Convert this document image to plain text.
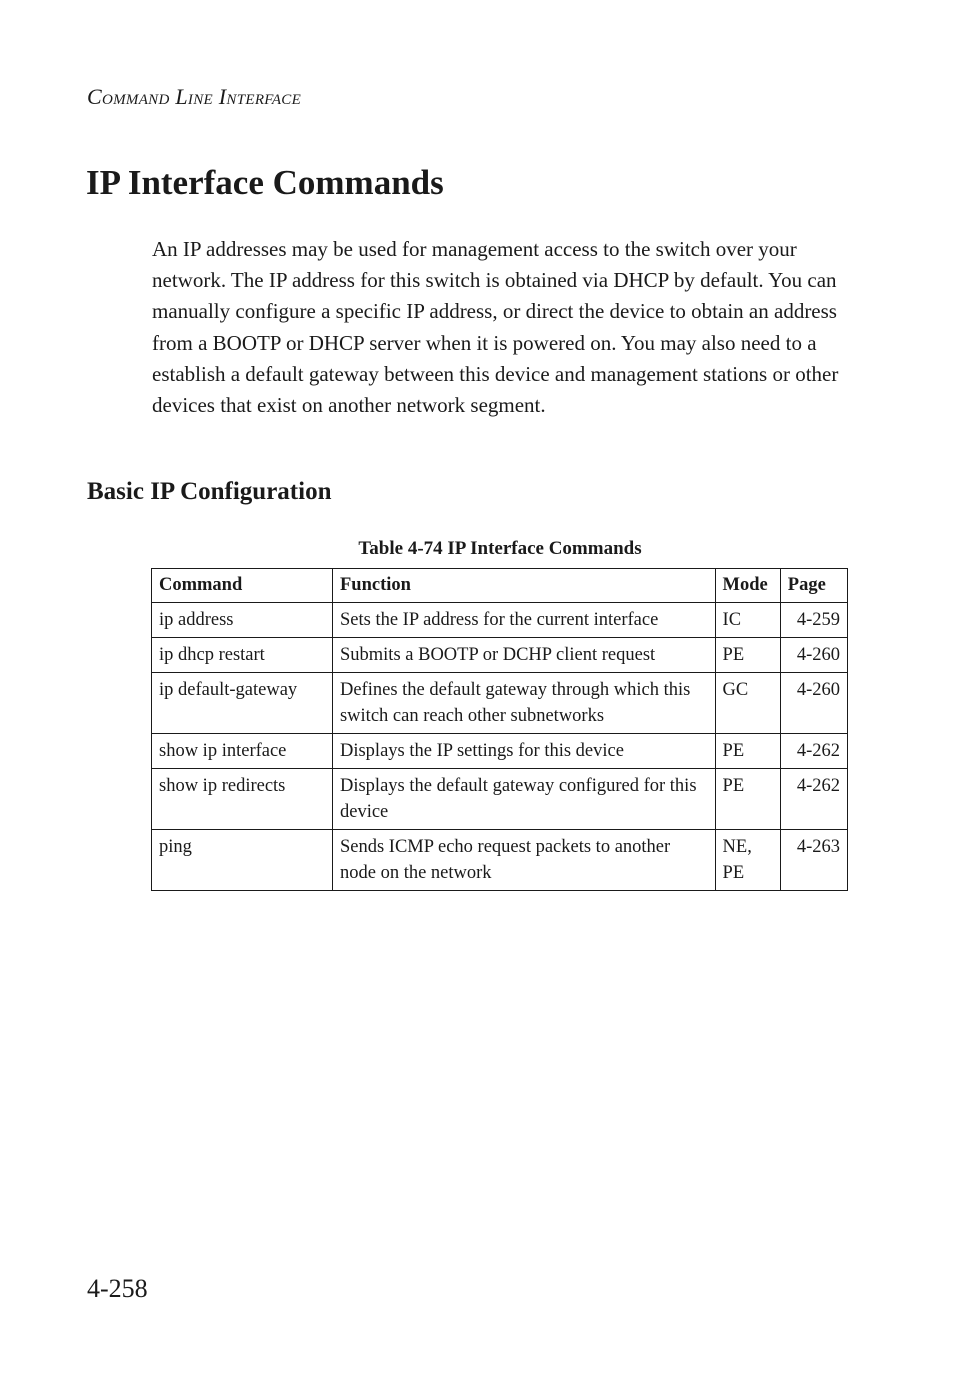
Command Line Interface
IP Interface Commands

An IP addresses may be used for management access to the switch over your network. The IP address for this switch is obtained via DHCP by default. You can manually configure a specific IP address, or direct the device to obtain an address from a BOOTP or DHCP server when it is powered on. You may also need to a establish a default gateway between this device and management stations or other devices that exist on another network segment.

Basic IP Configuration
Table 4-74 IP Interface Commands
Command	Function	Mode	Page
ip address	Sets the IP address for the current interface	IC	4-259
ip dhcp restart	Submits a BOOTP or DCHP client request	PE	4-260
ip default-gateway	Defines the default gateway through which this switch can reach other subnetworks	GC	4-260
show ip interface	Displays the IP settings for this device	PE	4-262
show ip redirects	Displays the default gateway configured for this device	PE	4-262
ping	Sends ICMP echo request packets to another node on the network	NE, PE	4-263
4-258
